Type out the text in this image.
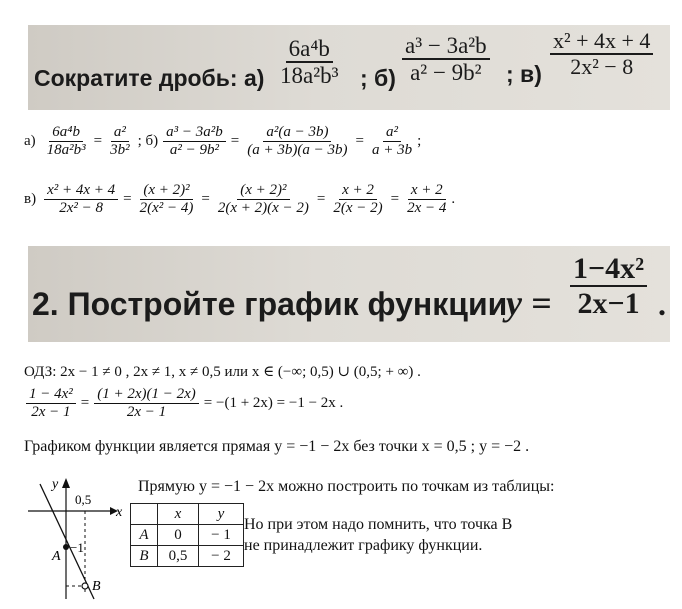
Сократите дробь: $а) \frac{\text{6a⁴b}}{\text{18a²b³}}$ ; $б) \frac{\text{a³ − 3a²b}}{\text{a² − 9b²}}$ ; $в) \frac{\text{x² + 4x + 4}}{\text{2x² − 8}}$
$а) \frac{\text{6a⁴b}}{\text{18a²b³}} = \frac{\text{a²}}{\text{3b²}}$ ; $б) \frac{\text{a³ − 3a²b}}{\text{a² − 9b²}} = \frac{\text{a²(a − 3b)}}{(a + 3b)(a - 3b)} = \frac{\text{a²}}{a + 3b}$ ;
$в) \frac{\text{x² + 4x + 4}}{\text{2x² − 8}} = \frac{\text{(x + 2)²}}{\text{2(x² − 4)}} = \frac{\text{(x + 2)²}}{2(x + 2)(x - 2)} = \frac{x + 2}{2(x - 2)} = \frac{x + 2}{2x - 4}$ .
2. Постройте график функции
$y = \frac{\text{1−4x²}}{2x-1}$ .
ОДЗ: 2x − 1 ≠ 0 , 2x ≠ 1, x ≠ 0,5 или x ∈ (−∞; 0,5) ∪ (0,5; + ∞) .
$\frac{\text{1 − 4x²}}{2x - 1} = \frac{(1 + 2x)(1 - 2x)}{2x - 1} = -(1 + 2x) = -1 - 2x$ .
Графиком функции является прямая y = −1 − 2x без точки x = 0,5 ; y = −2 .
y
x
0,5
−1
A
B
Прямую y = −1 − 2x можно построить по точкам из таблицы:
	x	y
A	0	− 1
B	0,5	− 2
Но при этом надо помнить, что точка B
не принадлежит графику функции.
